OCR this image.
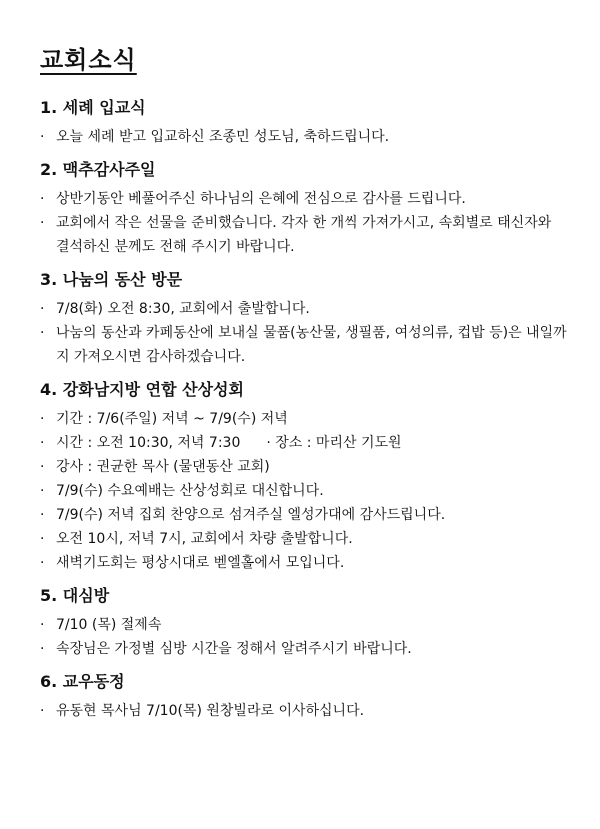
교회소식
1. 세례 입교식

· 오늘 세례 받고 입교하신 조종민 성도님, 축하드립니다.

2. 맥추감사주일

· 상반기동안 베풀어주신 하나님의 은혜에 전심으로 감사를 드립니다.

· 교회에서 작은 선물을 준비했습니다. 각자 한 개씩 가져가시고, 속회별로 태신자와 결석하신 분께도 전해 주시기 바랍니다.

3. 나눔의 동산 방문

· 7/8(화) 오전 8:30, 교회에서 출발합니다.

· 나눔의 동산과 카페동산에 보내실 물품(농산물, 생필품, 여성의류, 컵밥 등)은 내일까지 가져오시면 감사하겠습니다.

4. 강화남지방 연합 산상성회

· 기간 : 7/6(주일) 저녁 ~ 7/9(수) 저녁

· 시간 : 오전 10:30, 저녁 7:30 · 장소 : 마리산 기도원

· 강사 : 권균한 목사 (물댄동산 교회)

· 7/9(수) 수요예배는 산상성회로 대신합니다.

· 7/9(수) 저녁 집회 찬양으로 섬겨주실 엘성가대에 감사드립니다.

· 오전 10시, 저녁 7시, 교회에서 차량 출발합니다.

· 새벽기도회는 평상시대로 벧엘홀에서 모입니다.

5. 대심방

· 7/10 (목) 절제속

· 속장님은 가정별 심방 시간을 정해서 알려주시기 바랍니다.

6. 교우동정

· 유동현 목사님 7/10(목) 원창빌라로 이사하십니다.
